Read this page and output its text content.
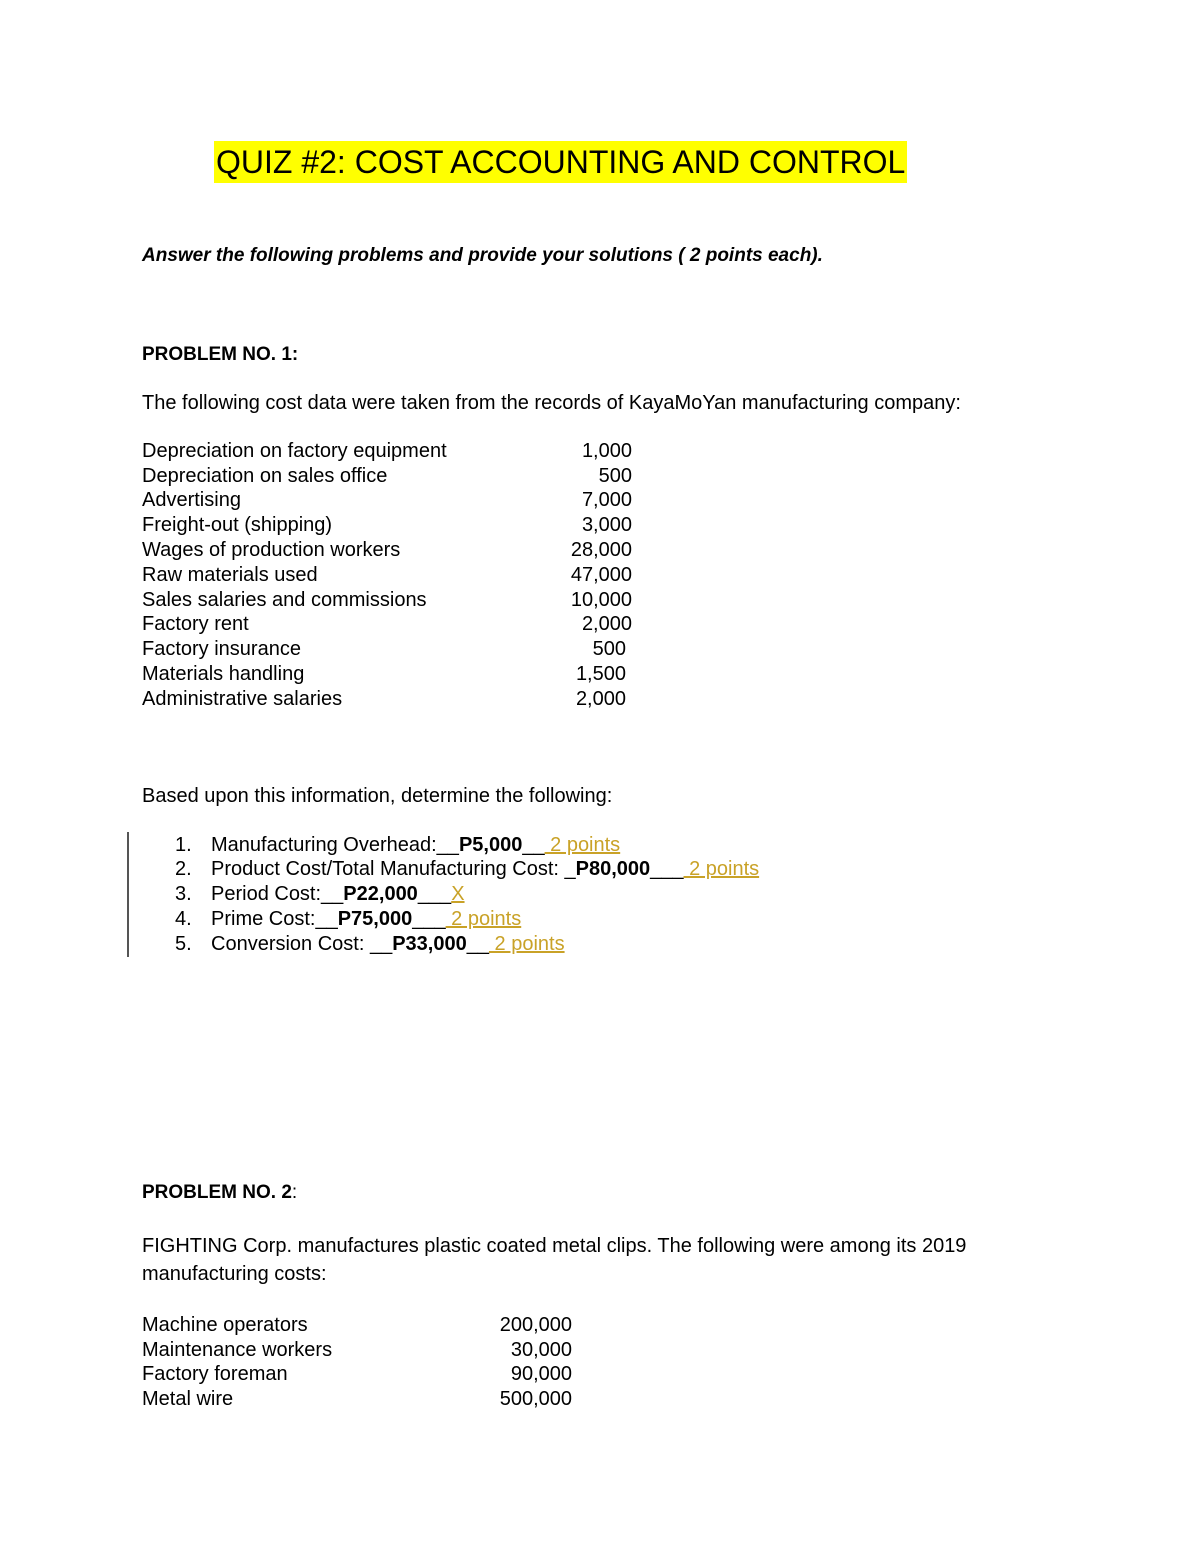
QUIZ #2: COST ACCOUNTING AND CONTROL
Answer the following problems and provide your solutions ( 2 points each).
PROBLEM NO. 1:
The following cost data were taken from the records of KayaMoYan manufacturing company:
Depreciation on factory equipment	1,000
Depreciation on sales office	500
Advertising	7,000
Freight-out (shipping)	3,000
Wages of production workers	28,000
Raw materials used	47,000
Sales salaries and commissions	10,000
Factory rent	2,000
Factory insurance	500
Materials handling	1,500
Administrative salaries	2,000
Based upon this information, determine the following:
1. Manufacturing Overhead:__P5,000__ 2 points
2. Product Cost/Total Manufacturing Cost: _P80,000___ 2 points
3. Period Cost:__P22,000___X
4. Prime Cost:__P75,000___ 2 points
5. Conversion Cost: __P33,000__ 2 points
PROBLEM NO. 2:
FIGHTING Corp. manufactures plastic coated metal clips. The following were among its 2019 manufacturing costs:
Machine operators	200,000
Maintenance workers	30,000
Factory foreman	90,000
Metal wire	500,000
